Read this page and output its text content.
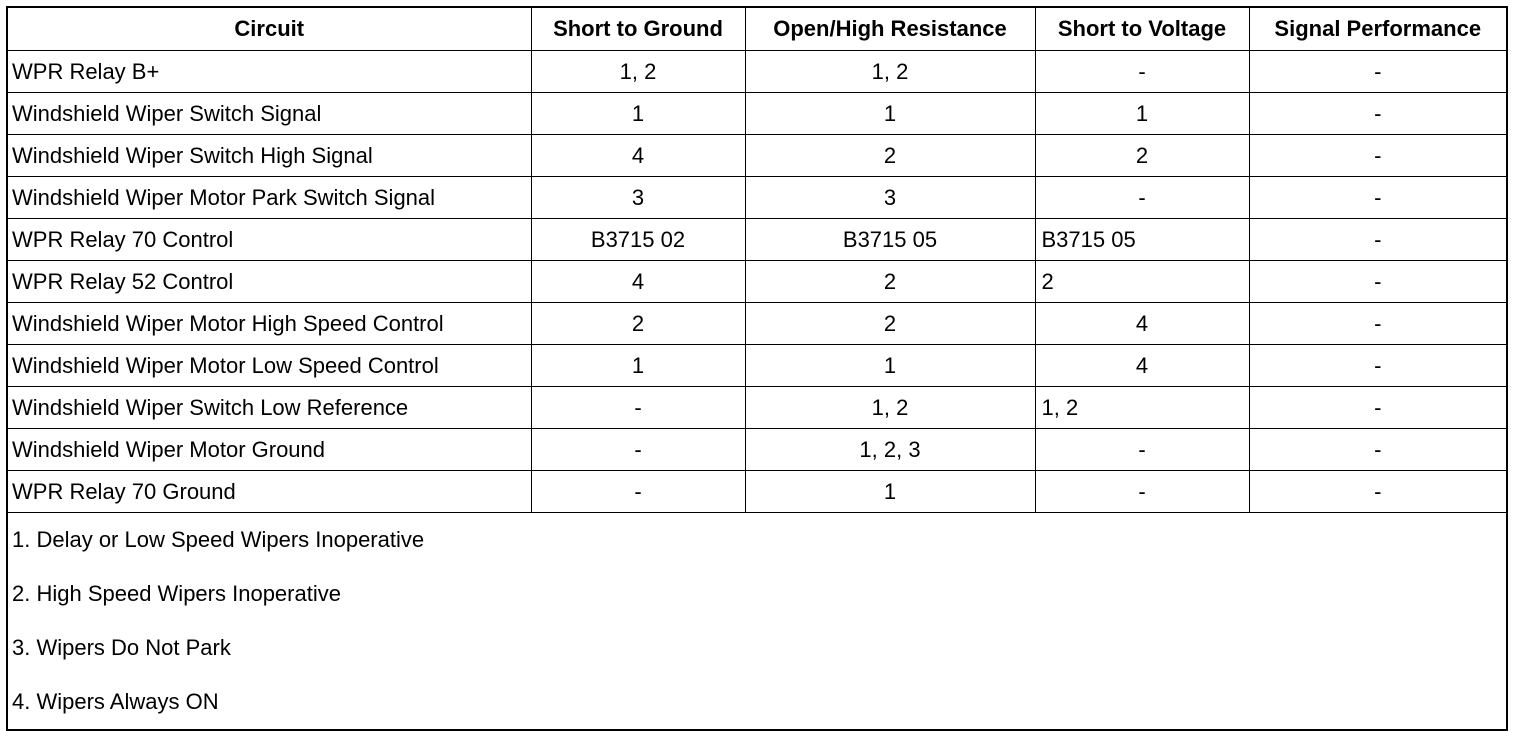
Circuit	Short to Ground	Open/High Resistance	Short to Voltage	Signal Performance
WPR Relay B+	1, 2	1, 2	-	-
Windshield Wiper Switch Signal	1	1	1	-
Windshield Wiper Switch High Signal	4	2	2	-
Windshield Wiper Motor Park Switch Signal	3	3	-	-
WPR Relay 70 Control	B3715 02	B3715 05	B3715 05	-
WPR Relay 52 Control	4	2	2	-
Windshield Wiper Motor High Speed Control	2	2	4	-
Windshield Wiper Motor Low Speed Control	1	1	4	-
Windshield Wiper Switch Low Reference	-	1, 2	1, 2	-
Windshield Wiper Motor Ground	-	1, 2, 3	-	-
WPR Relay 70 Ground	-	1	-	-
1. Delay or Low Speed Wipers Inoperative				
2. High Speed Wipers Inoperative				
3. Wipers Do Not Park				
4. Wipers Always ON				
